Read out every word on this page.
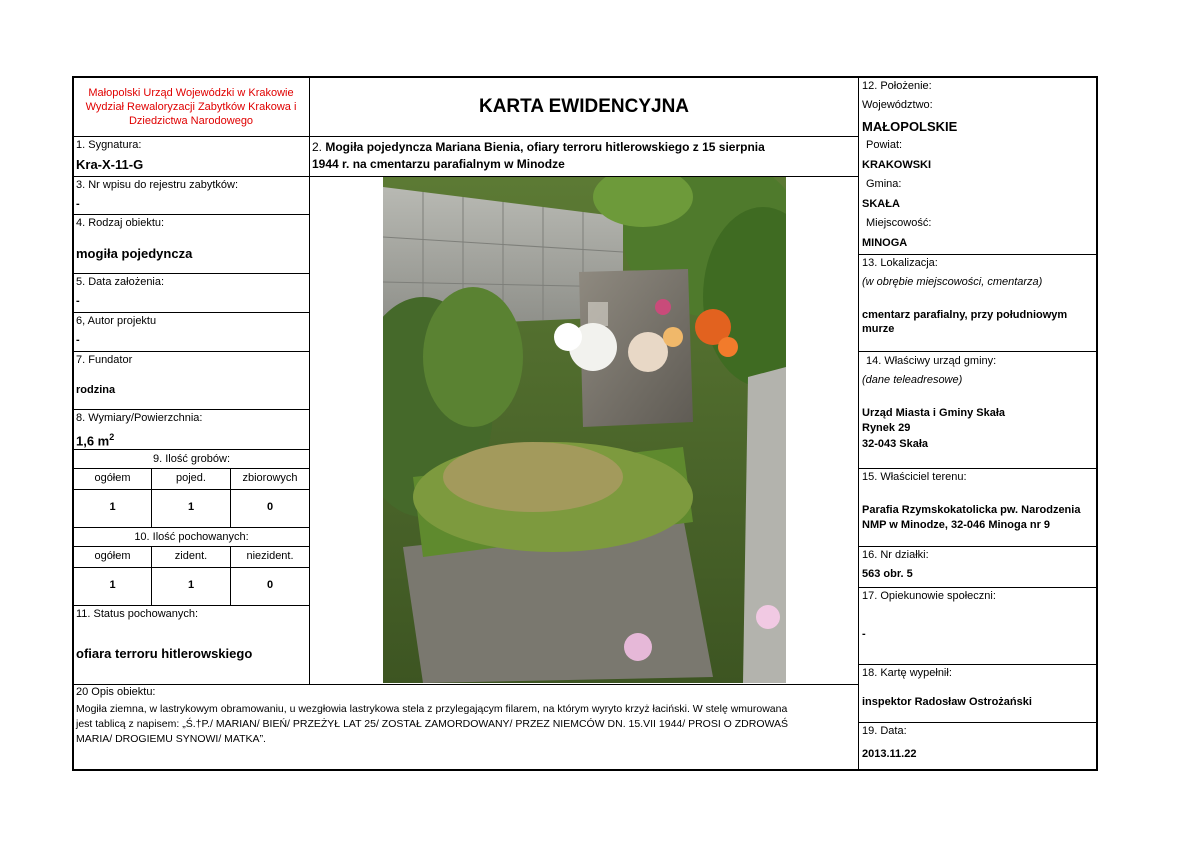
Małopolski Urząd Wojewódzki w Krakowie
Wydział Rewaloryzacji Zabytków Krakowa i
Dziedzictwa Narodowego
KARTA EWIDENCYJNA
1. Sygnatura:
Kra-X-11-G
3. Nr wpisu do rejestru zabytków:
-
4. Rodzaj obiektu:
mogiła pojedyncza
5. Data założenia:
-
6, Autor projektu
-
7. Fundator
rodzina
8. Wymiary/Powierzchnia:
1,6 $m^2$
9. Ilość grobów:
ogółem	pojed.	zbiorowych
1	1	0
10. Ilość pochowanych:
ogółem	zident.	niezident.
1	1	0
11. Status pochowanych:
ofiara terroru hitlerowskiego
2. Mogiła pojedyncza Mariana Bienia, ofiary terroru hitlerowskiego z 15 sierpnia
1944 r. na cmentarzu parafialnym w Minodze
12. Położenie:
Województwo:
MAŁOPOLSKIE
Powiat:
KRAKOWSKI
Gmina:
SKAŁA
Miejscowość:
MINOGA
13. Lokalizacja:
(w obrębie miejscowości, cmentarza)
cmentarz parafialny, przy południowym
murze
14. Właściwy urząd gminy:
(dane teleadresowe)
Urząd Miasta i Gminy Skała
Rynek 29
32-043 Skała
15. Właściciel terenu:
Parafia Rzymskokatolicka pw. Narodzenia
NMP w Minodze, 32-046 Minoga nr 9
16. Nr działki:
563 obr. 5
17. Opiekunowie społeczni:
-
18. Kartę wypełnił:
inspektor Radosław Ostrożański
19. Data:
2013.11.22
20 Opis obiektu:
Mogiła ziemna, w lastrykowym obramowaniu, u wezgłowia lastrykowa stela z przylegającym filarem, na którym wyryto krzyż łaciński. W stelę wmurowana
jest tablicą z napisem: „Ś.†P./ MARIAN/ BIEŃ/ PRZEŻYŁ LAT 25/ ZOSTAŁ ZAMORDOWANY/ PRZEZ NIEMCÓW DN. 15.VII 1944/ PROSI O ZDROWAŚ
MARIA/ DROGIEMU SYNOWI/ MATKA”.
